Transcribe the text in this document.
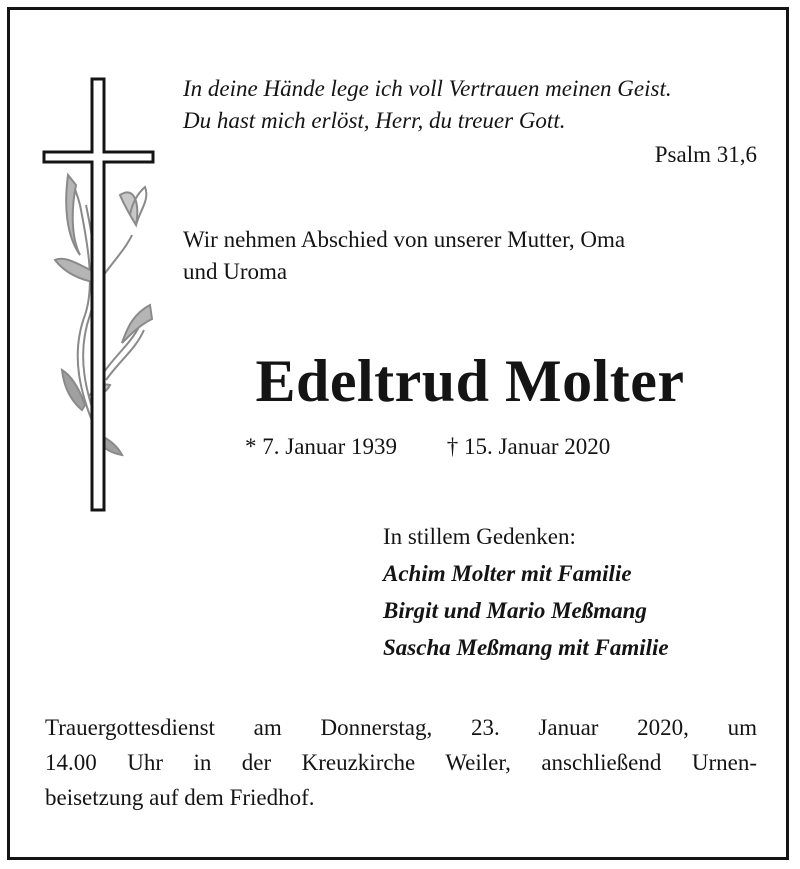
In deine Hände lege ich voll Vertrauen meinen Geist.

Du hast mich erlöst, Herr, du treuer Gott.

Psalm 31,6

Wir nehmen Abschied von unserer Mutter, Oma
und Uroma
Edeltrud Molter
* 7. Januar 1939 † 15. Januar 2020
In stillem Gedenken:
Achim Molter mit Familie
Birgit und Mario Meßmang
Sascha Meßmang mit Familie
Trauergottesdienst am Donnerstag, 23. Januar 2020, um
14.00 Uhr in der Kreuzkirche Weiler, anschließend Urnen-
beisetzung auf dem Friedhof.
